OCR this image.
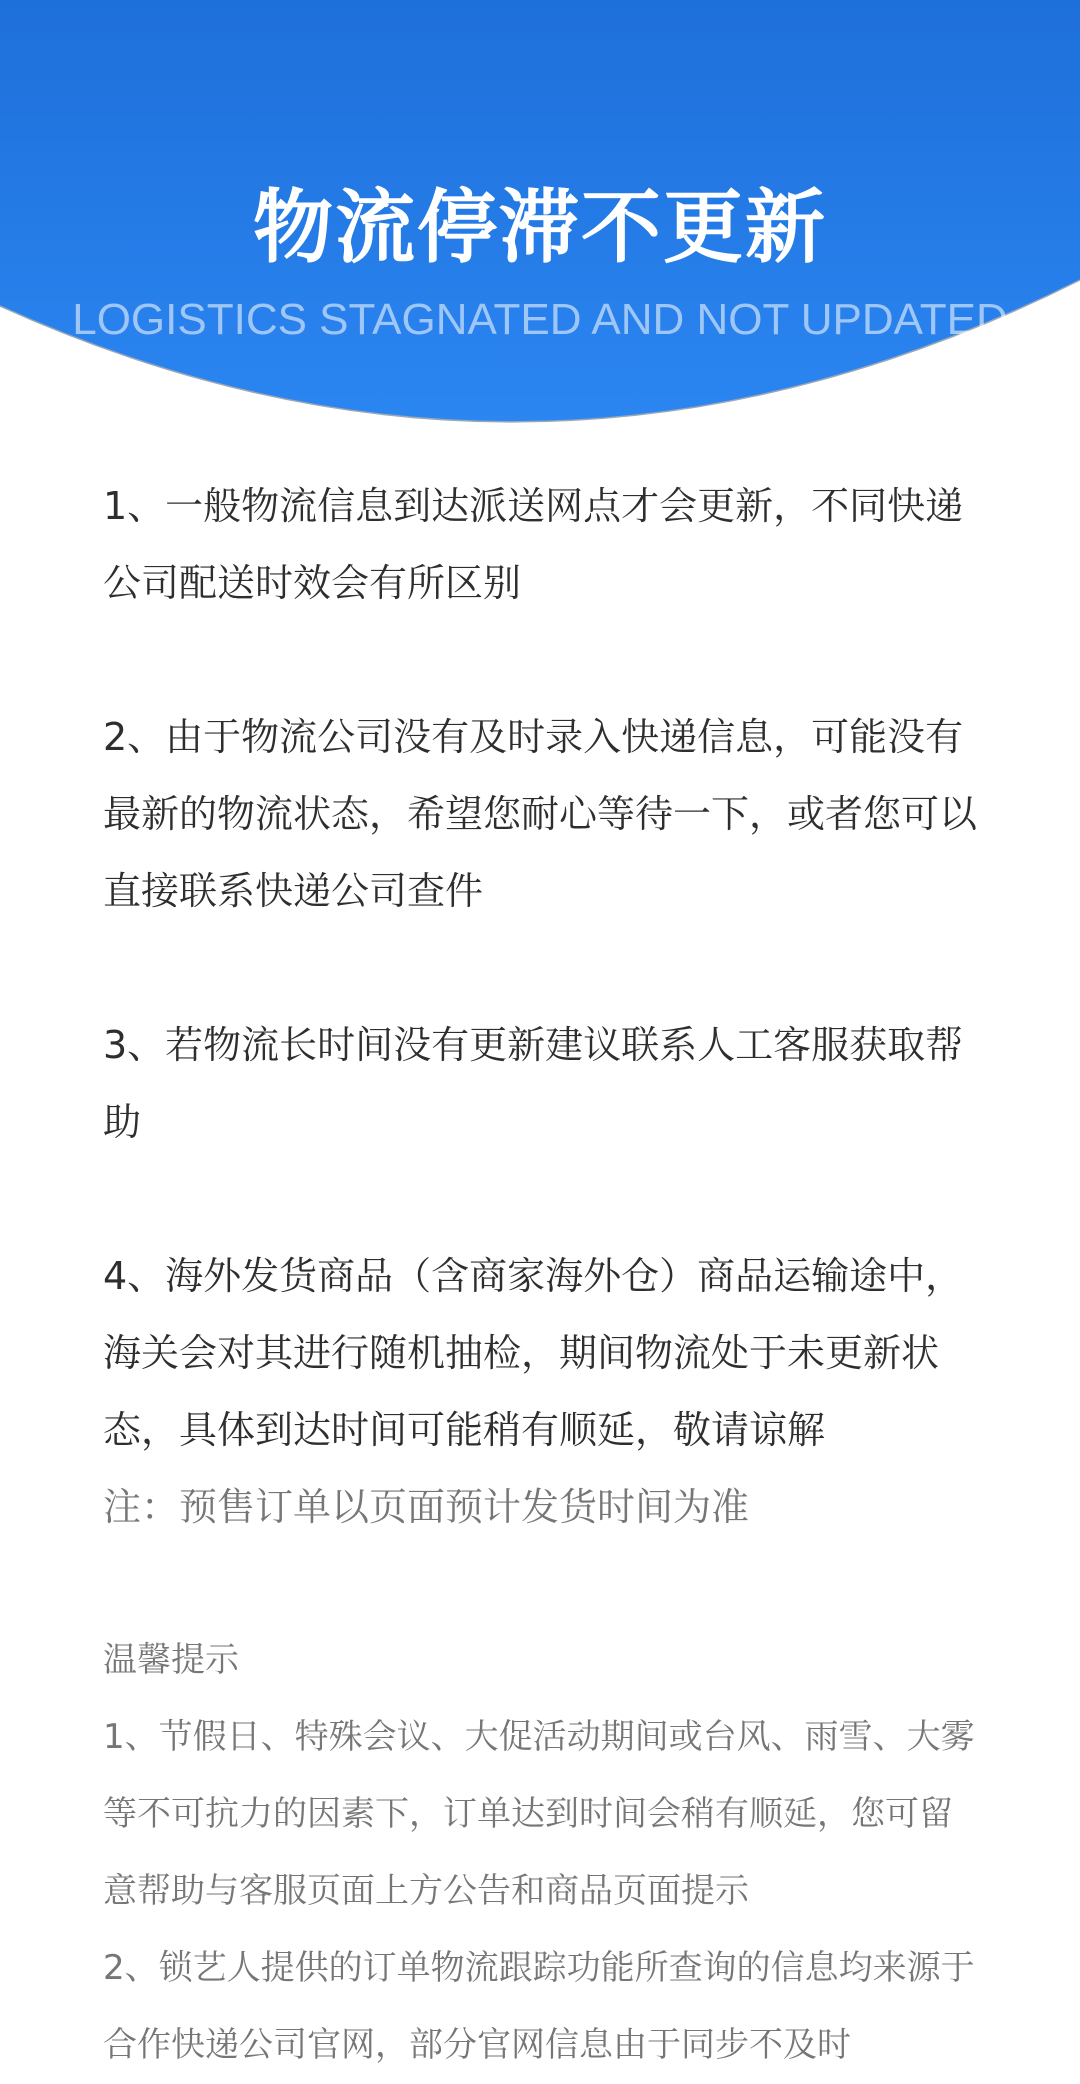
物流停滞不更新
LOGISTICS STAGNATED AND NOT UPDATED

1、一般物流信息到达派送网点才会更新，不同快递公司配送时效会有所区别

2、由于物流公司没有及时录入快递信息，可能没有最新的物流状态，希望您耐心等待一下，或者您可以直接联系快递公司查件

3、若物流长时间没有更新建议联系人工客服获取帮助

4、海外发货商品（含商家海外仓）商品运输途中，海关会对其进行随机抽检，期间物流处于未更新状态，具体到达时间可能稍有顺延，敬请谅解

注：预售订单以页面预计发货时间为准

温馨提示

1、节假日、特殊会议、大促活动期间或台风、雨雪、大雾等不可抗力的因素下，订单达到时间会稍有顺延，您可留意帮助与客服页面上方公告和商品页面提示

2、锁艺人提供的订单物流跟踪功能所查询的信息均来源于合作快递公司官网，部分官网信息由于同步不及时
